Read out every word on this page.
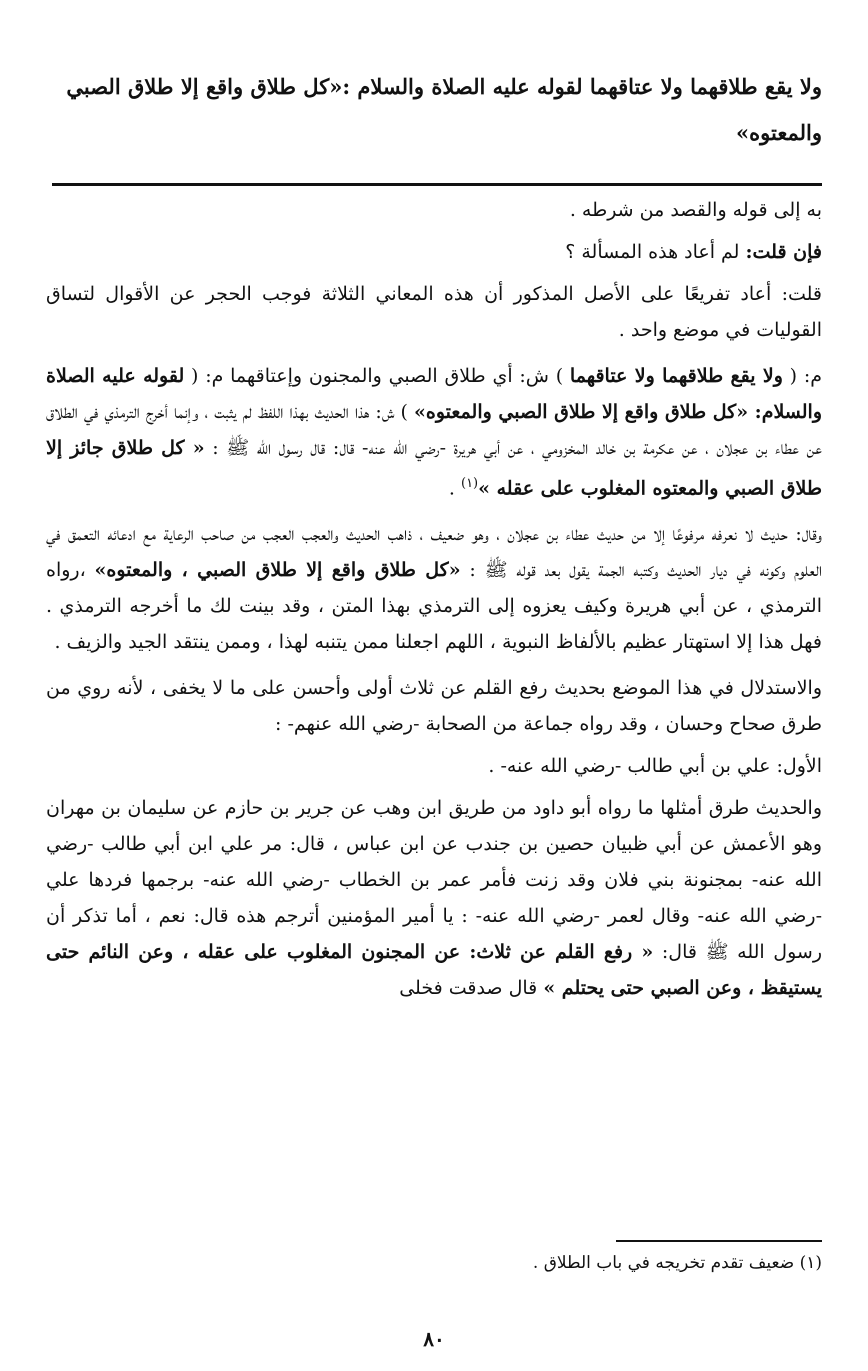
ولا يقع طلاقهما ولا عتاقهما لقوله عليه الصلاة والسلام :«كل طلاق واقع إلا طلاق الصبي والمعتوه»

به إلى قوله والقصد من شرطه .

فإن قلت: لم أعاد هذه المسألة ؟

قلت: أعاد تفريعًا على الأصل المذكور أن هذه المعاني الثلاثة فوجب الحجر عن الأقوال لتساق القوليات في موضع واحد .

م: ( ولا يقع طلاقهما ولا عتاقهما ) ش: أي طلاق الصبي والمجنون وإعتاقهما م: ( لقوله عليه الصلاة والسلام: «كل طلاق واقع إلا طلاق الصبي والمعتوه» ) ش: هذا الحديث بهذا اللفظ لم يثبت ، وإنما أخرج الترمذي في الطلاق عن عطاء بن عجلان ، عن عكرمة بن خالد المخزومي ، عن أبي هريرة -رضي الله عنه- قال: قال رسول الله ﷺ : « كل طلاق جائز إلا طلاق الصبي والمعتوه المغلوب على عقله »$^{(١)}$ .

وقال: حديث لا نعرفه مرفوعًا إلا من حديث عطاء بن عجلان ، وهو ضعيف ، ذاهب الحديث والعجب العجب من صاحب الرعاية مع ادعائه التعمق في العلوم وكونه في ديار الحديث وكتبه الجمة يقول بعد قوله ﷺ : «كل طلاق واقع إلا طلاق الصبي ، والمعتوه» ،رواه الترمذي ، عن أبي هريرة وكيف يعزوه إلى الترمذي بهذا المتن ، وقد بينت لك ما أخرجه الترمذي . فهل هذا إلا استهتار عظيم بالألفاظ النبوية ، اللهم اجعلنا ممن يتنبه لهذا ، وممن ينتقد الجيد والزيف .

والاستدلال في هذا الموضع بحديث رفع القلم عن ثلاث أولى وأحسن على ما لا يخفى ، لأنه روي من طرق صحاح وحسان ، وقد رواه جماعة من الصحابة -رضي الله عنهم- :

الأول: علي بن أبي طالب -رضي الله عنه- .

والحديث طرق أمثلها ما رواه أبو داود من طريق ابن وهب عن جرير بن حازم عن سليمان بن مهران وهو الأعمش عن أبي ظبيان حصين بن جندب عن ابن عباس ، قال: مر علي ابن أبي طالب -رضي الله عنه- بمجنونة بني فلان وقد زنت فأمر عمر بن الخطاب -رضي الله عنه- برجمها فردها علي -رضي الله عنه- وقال لعمر -رضي الله عنه- : يا أمير المؤمنين أترجم هذه قال: نعم ، أما تذكر أن رسول الله ﷺ قال: « رفع القلم عن ثلاث: عن المجنون المغلوب على عقله ، وعن النائم حتى يستيقظ ، وعن الصبي حتى يحتلم » قال صدقت فخلى

(١) ضعيف تقدم تخريجه في باب الطلاق .
٨٠
